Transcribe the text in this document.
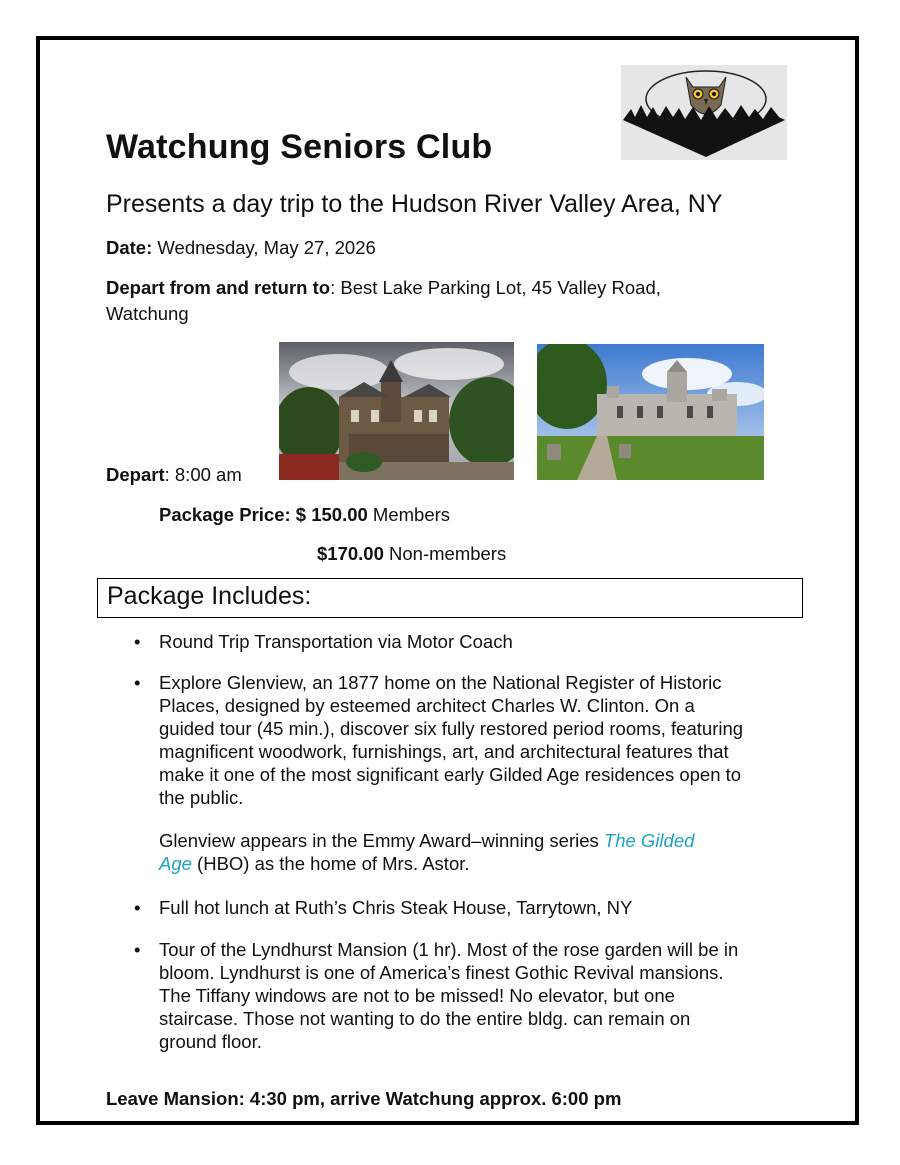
Watchung Seniors Club
Presents a day trip to the Hudson River Valley Area, NY
Date: Wednesday, May 27, 2026
Depart from and return to: Best Lake Parking Lot, 45 Valley Road,
Watchung
Depart: 8:00 am
Package Price: $ 150.00 Members
$170.00 Non-members
Package Includes:
• Round Trip Transportation via Motor Coach
• Explore Glenview, an 1877 home on the National Register of Historic
Places, designed by esteemed architect Charles W. Clinton. On a
guided tour (45 min.), discover six fully restored period rooms, featuring
magnificent woodwork, furnishings, art, and architectural features that
make it one of the most significant early Gilded Age residences open to
the public.
Glenview appears in the Emmy Award–winning series The Gilded
Age (HBO) as the home of Mrs. Astor.
• Full hot lunch at Ruth’s Chris Steak House, Tarrytown, NY
• Tour of the Lyndhurst Mansion (1 hr). Most of the rose garden will be in
bloom. Lyndhurst is one of America’s finest Gothic Revival mansions.
The Tiffany windows are not to be missed! No elevator, but one
staircase. Those not wanting to do the entire bldg. can remain on
ground floor.
Leave Mansion: 4:30 pm, arrive Watchung approx. 6:00 pm
